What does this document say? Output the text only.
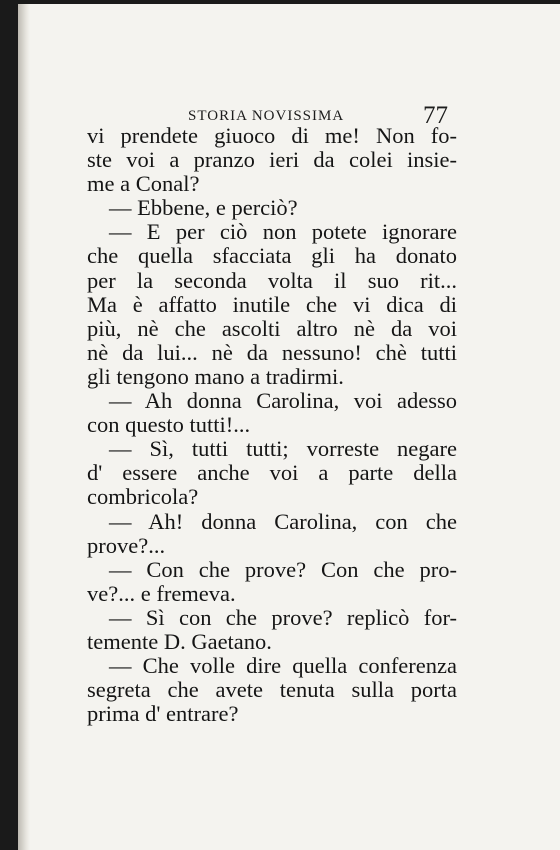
STORIA NOVISSIMA	77
vi prendete giuoco di me! Non fo-
ste voi a pranzo ieri da colei insie-
me a Conal?
— Ebbene, e perciò?
— E per ciò non potete ignorare
che quella sfacciata gli ha donato
per la seconda volta il suo rit...
Ma è affatto inutile che vi dica di
più, nè che ascolti altro nè da voi
nè da lui... nè da nessuno! chè tutti
gli tengono mano a tradirmi.
— Ah donna Carolina, voi adesso
con questo tutti!...
— Sì, tutti tutti; vorreste negare
d' essere anche voi a parte della
combricola?
— Ah! donna Carolina, con che
prove?...
— Con che prove? Con che pro-
ve?... e fremeva.
— Sì con che prove? replicò for-
temente D. Gaetano.
— Che volle dire quella conferenza
segreta che avete tenuta sulla porta
prima d' entrare?
